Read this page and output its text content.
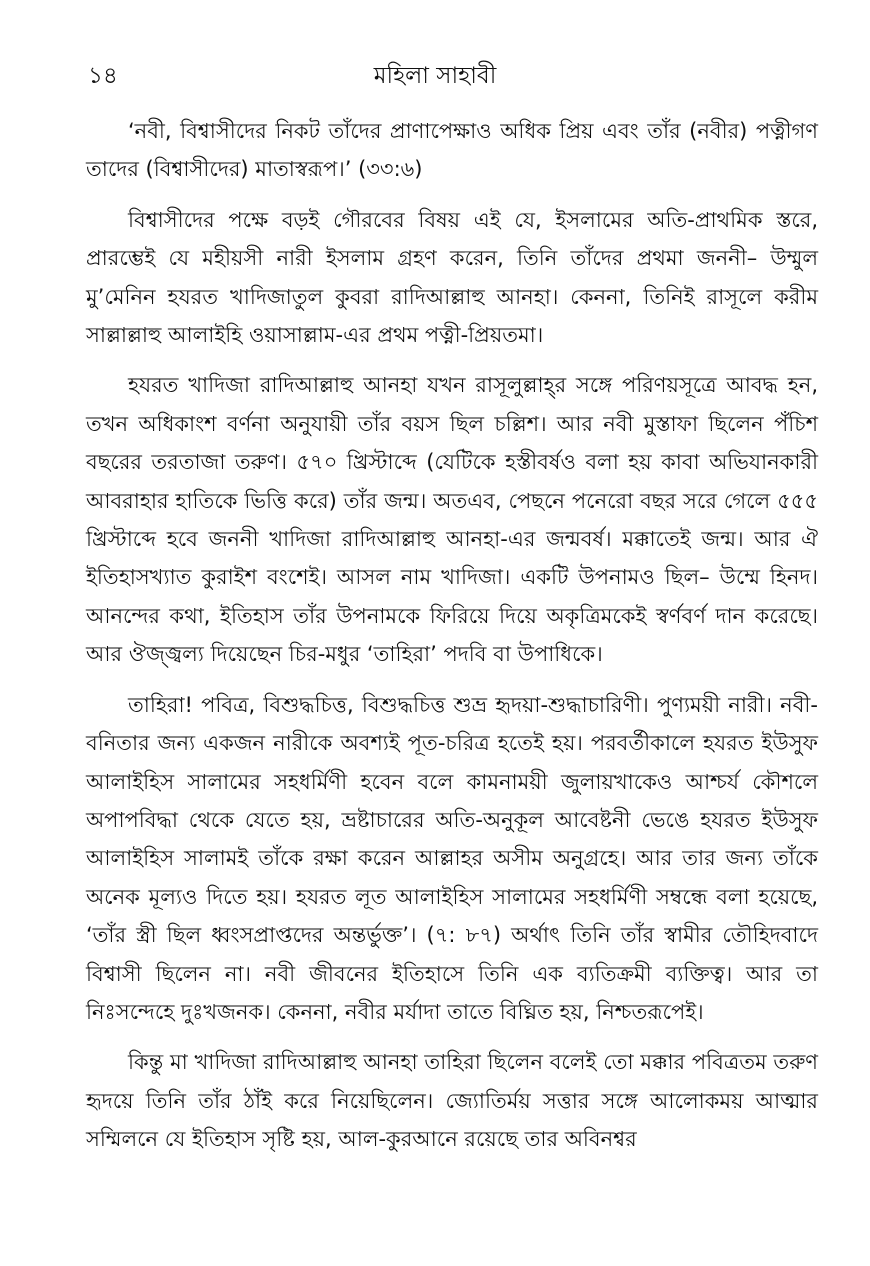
১৪	মহিলা সাহাবী

‘নবী, বিশ্বাসীদের নিকট তাঁদের প্রাণাপেক্ষাও অধিক প্রিয় এবং তাঁর (নবীর) পত্নীগণ তাদের (বিশ্বাসীদের) মাতাস্বরূপ।’ (৩৩:৬)

বিশ্বাসীদের পক্ষে বড়ই গৌরবের বিষয় এই যে, ইসলামের অতি-প্রাথমিক স্তরে, প্রারম্ভেই যে মহীয়সী নারী ইসলাম গ্রহণ করেন, তিনি তাঁদের প্রথমা জননী– উম্মুল মু’মেনিন হযরত খাদিজাতুল কুবরা রাদিআল্লাহু আনহা। কেননা, তিনিই রাসূলে করীম সাল্লাল্লাহু আলাইহি ওয়াসাল্লাম-এর প্রথম পত্নী-প্রিয়তমা।

হযরত খাদিজা রাদিআল্লাহু আনহা যখন রাসূলুল্লাহ্‌র সঙ্গে পরিণয়সূত্রে আবদ্ধ হন, তখন অধিকাংশ বর্ণনা অনুযায়ী তাঁর বয়স ছিল চল্লিশ। আর নবী মুস্তাফা ছিলেন পঁচিশ বছরের তরতাজা তরুণ। ৫৭০ খ্রিস্টাব্দে (যেটিকে হস্তীবর্ষও বলা হয় কাবা অভিযানকারী আবরাহার হাতিকে ভিত্তি করে) তাঁর জন্ম। অতএব, পেছনে পনেরো বছর সরে গেলে ৫৫৫ খ্রিস্টাব্দে হবে জননী খাদিজা রাদিআল্লাহু আনহা-এর জন্মবর্ষ। মক্কাতেই জন্ম। আর ঐ ইতিহাসখ্যাত কুরাইশ বংশেই। আসল নাম খাদিজা। একটি উপনামও ছিল– উম্মে হিনদ। আনন্দের কথা, ইতিহাস তাঁর উপনামকে ফিরিয়ে দিয়ে অকৃত্রিমকেই স্বর্ণবর্ণ দান করেছে। আর ঔজ্জ্বল্য দিয়েছেন চির-মধুর ‘তাহিরা’ পদবি বা উপাধিকে।

তাহিরা! পবিত্র, বিশুদ্ধচিত্ত, বিশুদ্ধচিত্ত শুভ্র হৃদয়া-শুদ্ধাচারিণী। পুণ্যময়ী নারী। নবী-বনিতার জন্য একজন নারীকে অবশ্যই পূত-চরিত্র হতেই হয়। পরবর্তীকালে হযরত ইউসুফ আলাইহিস সালামের সহধর্মিণী হবেন বলে কামনাময়ী জুলায়খাকেও আশ্চর্য কৌশলে অপাপবিদ্ধা থেকে যেতে হয়, ভ্রষ্টাচারের অতি-অনুকূল আবেষ্টনী ভেঙে হযরত ইউসুফ আলাইহিস সালামই তাঁকে রক্ষা করেন আল্লাহর অসীম অনুগ্রহে। আর তার জন্য তাঁকে অনেক মূল্যও দিতে হয়। হযরত লূত আলাইহিস সালামের সহধর্মিণী সম্বন্ধে বলা হয়েছে, ‘তাঁর স্ত্রী ছিল ধ্বংসপ্রাপ্তদের অন্তর্ভুক্ত’। (৭: ৮৭) অর্থাৎ তিনি তাঁর স্বামীর তৌহিদবাদে বিশ্বাসী ছিলেন না। নবী জীবনের ইতিহাসে তিনি এক ব্যতিক্রমী ব্যক্তিত্ব। আর তা নিঃসন্দেহে দুঃখজনক। কেননা, নবীর মর্যাদা তাতে বিঘ্নিত হয়, নিশ্চতরূপেই।

কিন্তু মা খাদিজা রাদিআল্লাহু আনহা তাহিরা ছিলেন বলেই তো মক্কার পবিত্রতম তরুণ হৃদয়ে তিনি তাঁর ঠাঁই করে নিয়েছিলেন। জ্যোতির্ময় সত্তার সঙ্গে আলোকময় আত্মার সম্মিলনে যে ইতিহাস সৃষ্টি হয়, আল-কুরআনে রয়েছে তার অবিনশ্বর
